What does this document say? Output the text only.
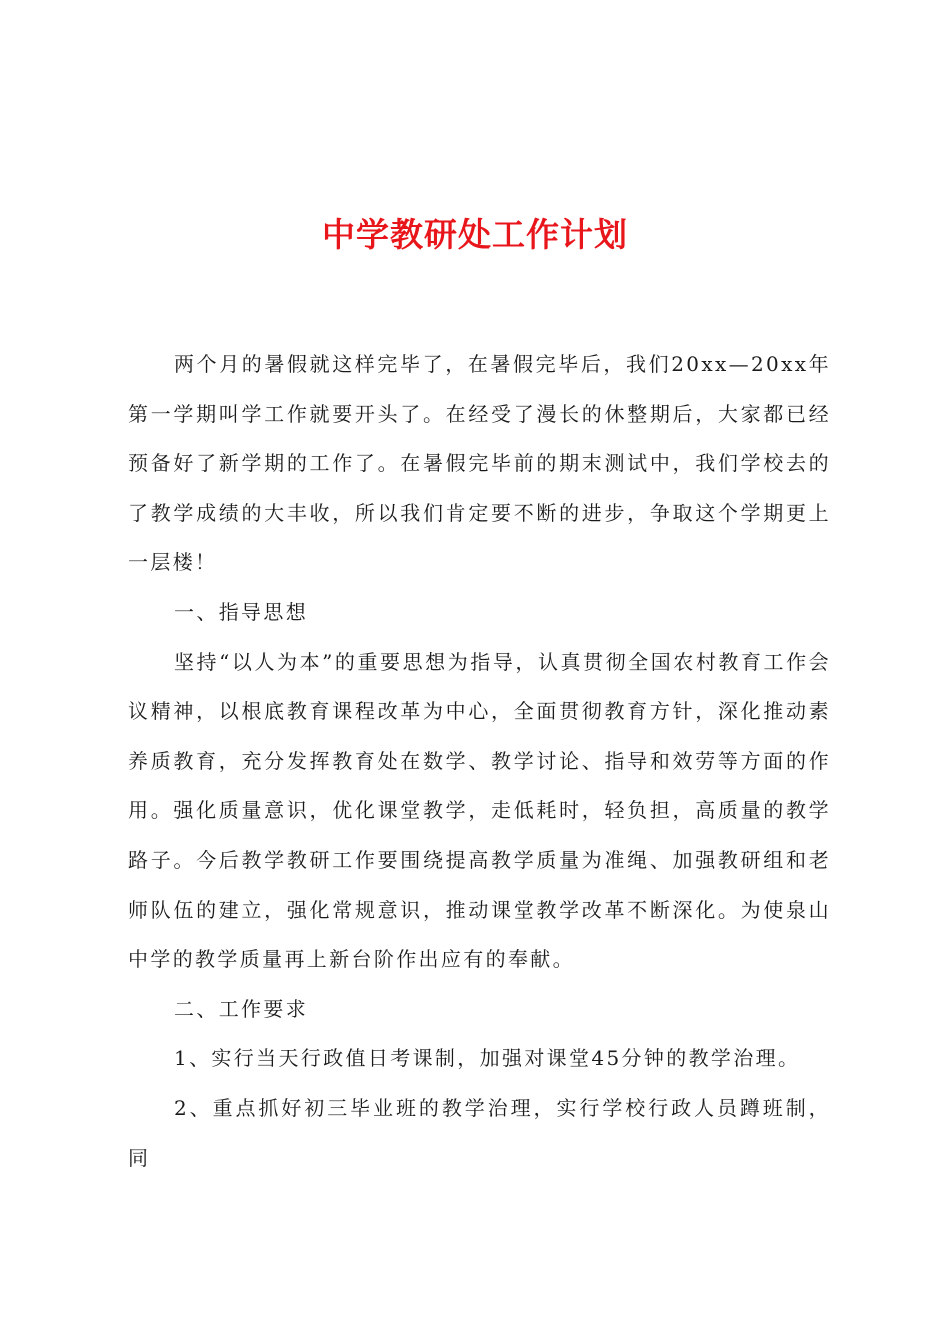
中学教研处工作计划

两个月的暑假就这样完毕了，在暑假完毕后，我们20xx—20xx年第一学期叫学工作就要开头了。在经受了漫长的休整期后，大家都已经预备好了新学期的工作了。在暑假完毕前的期末测试中，我们学校去的了教学成绩的大丰收，所以我们肯定要不断的进步，争取这个学期更上一层楼！

一、指导思想

坚持“以人为本”的重要思想为指导，认真贯彻全国农村教育工作会议精神，以根底教育课程改革为中心，全面贯彻教育方针，深化推动素养质教育，充分发挥教育处在数学、教学讨论、指导和效劳等方面的作用。强化质量意识，优化课堂教学，走低耗时，轻负担，高质量的教学路子。今后教学教研工作要围绕提高教学质量为准绳、加强教研组和老师队伍的建立，强化常规意识，推动课堂教学改革不断深化。为使泉山中学的教学质量再上新台阶作出应有的奉献。

二、工作要求

1、实行当天行政值日考课制，加强对课堂45分钟的教学治理。

2、重点抓好初三毕业班的教学治理，实行学校行政人员蹲班制，同
